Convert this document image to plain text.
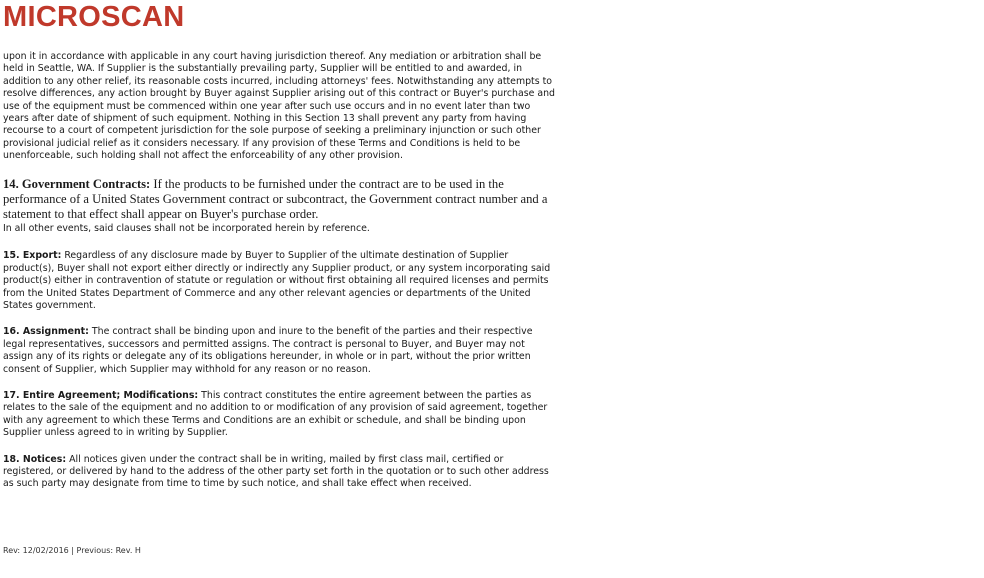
MICROSCAN

upon it in accordance with applicable in any court having jurisdiction thereof. Any mediation or arbitration shall be held in Seattle, WA. If Supplier is the substantially prevailing party, Supplier will be entitled to and awarded, in addition to any other relief, its reasonable costs incurred, including attorneys' fees. Notwithstanding any attempts to resolve differences, any action brought by Buyer against Supplier arising out of this contract or Buyer's purchase and use of the equipment must be commenced within one year after such use occurs and in no event later than two years after date of shipment of such equipment. Nothing in this Section 13 shall prevent any party from having recourse to a court of competent jurisdiction for the sole purpose of seeking a preliminary injunction or such other provisional judicial relief as it considers necessary. If any provision of these Terms and Conditions is held to be unenforceable, such holding shall not affect the enforceability of any other provision.

14. Government Contracts: If the products to be furnished under the contract are to be used in the performance of a United States Government contract or subcontract, the Government contract number and a statement to that effect shall appear on Buyer's purchase order.

In all other events, said clauses shall not be incorporated herein by reference.

15. Export: Regardless of any disclosure made by Buyer to Supplier of the ultimate destination of Supplier product(s), Buyer shall not export either directly or indirectly any Supplier product, or any system incorporating said product(s) either in contravention of statute or regulation or without first obtaining all required licenses and permits from the United States Department of Commerce and any other relevant agencies or departments of the United States government.

16. Assignment: The contract shall be binding upon and inure to the benefit of the parties and their respective legal representatives, successors and permitted assigns. The contract is personal to Buyer, and Buyer may not assign any of its rights or delegate any of its obligations hereunder, in whole or in part, without the prior written consent of Supplier, which Supplier may withhold for any reason or no reason.

17. Entire Agreement; Modifications: This contract constitutes the entire agreement between the parties as relates to the sale of the equipment and no addition to or modification of any provision of said agreement, together with any agreement to which these Terms and Conditions are an exhibit or schedule, and shall be binding upon Supplier unless agreed to in writing by Supplier.

18. Notices: All notices given under the contract shall be in writing, mailed by first class mail, certified or registered, or delivered by hand to the address of the other party set forth in the quotation or to such other address as such party may designate from time to time by such notice, and shall take effect when received.

Rev: 12/02/2016 | Previous: Rev. H
